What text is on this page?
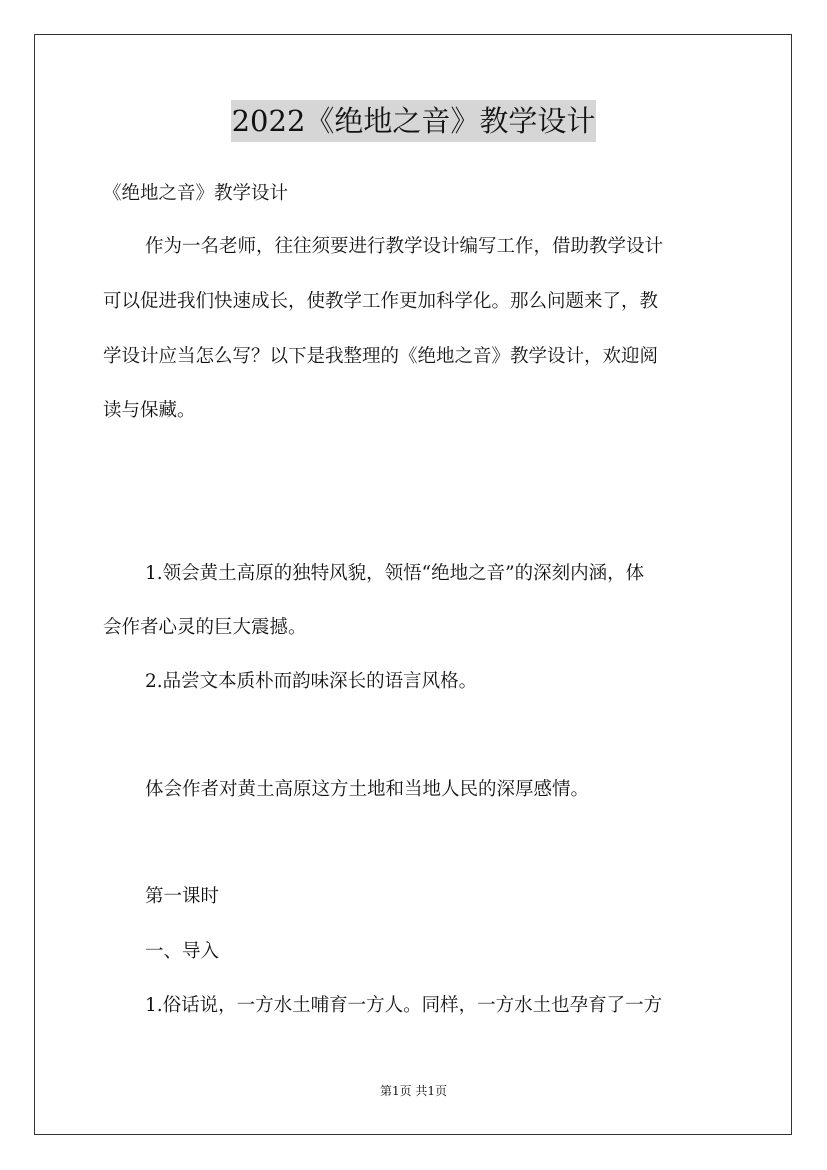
2022《绝地之音》教学设计
《绝地之音》教学设计
作为一名老师，往往须要进行教学设计编写工作，借助教学设计
可以促进我们快速成长，使教学工作更加科学化。那么问题来了，教
学设计应当怎么写？以下是我整理的《绝地之音》教学设计，欢迎阅
读与保藏。
1.领会黄土高原的独特风貌，领悟“绝地之音”的深刻内涵，体
会作者心灵的巨大震撼。
2.品尝文本质朴而韵味深长的语言风格。
体会作者对黄土高原这方土地和当地人民的深厚感情。
第一课时
一、导入
1.俗话说，一方水土哺育一方人。同样，一方水土也孕育了一方
第1页 共1页
